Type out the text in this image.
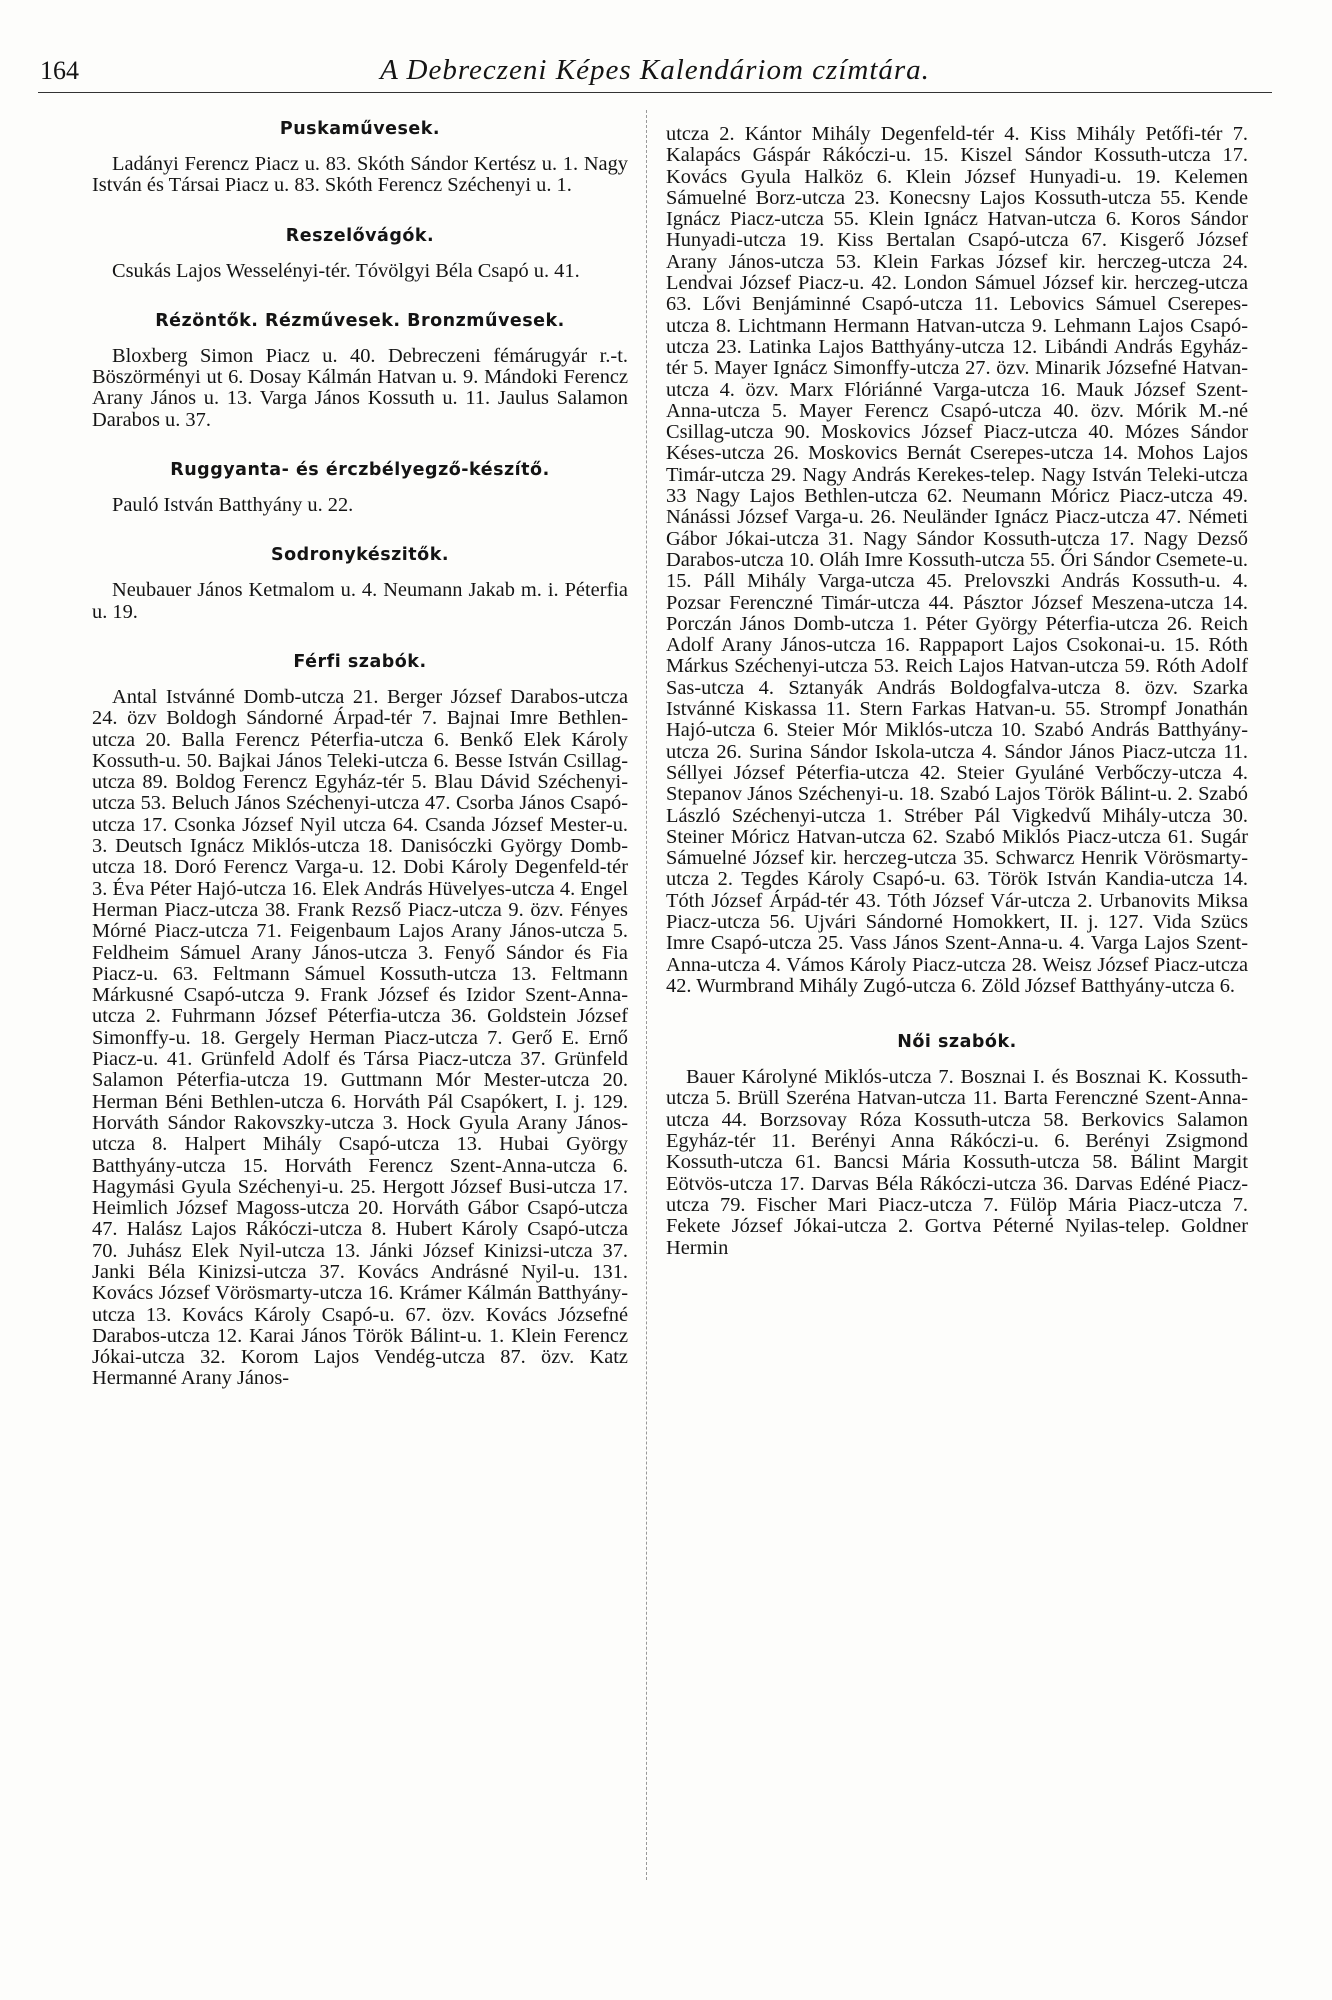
164	A Debreczeni Képes Kalendáriom czímtára.
Puskaművesek.

Ladányi Ferencz Piacz u. 83. Skóth Sándor Kertész u. 1. Nagy István és Társai Piacz u. 83. Skóth Ferencz Széchenyi u. 1.

Reszelővágók.

Csukás Lajos Wesselényi-tér. Tóvölgyi Béla Csapó u. 41.

Rézöntők. Rézművesek. Bronzművesek.

Bloxberg Simon Piacz u. 40. Debreczeni fémárugyár r.-t. Böszörményi ut 6. Dosay Kálmán Hatvan u. 9. Mándoki Ferencz Arany János u. 13. Varga János Kossuth u. 11. Jaulus Salamon Darabos u. 37.

Ruggyanta- és érczbélyegző-készítő.

Pauló István Batthyány u. 22.

Sodronykészitők.

Neubauer János Ketmalom u. 4. Neumann Jakab m. i. Péterfia u. 19.

Férfi szabók.

Antal Istvánné Domb-utcza 21. Berger József Darabos-utcza 24. özv Boldogh Sándorné Árpad-tér 7. Bajnai Imre Bethlen-utcza 20. Balla Ferencz Péterfia-utcza 6. Benkő Elek Károly Kossuth-u. 50. Bajkai János Teleki-utcza 6. Besse István Csillag-utcza 89. Boldog Ferencz Egyház-tér 5. Blau Dávid Széchenyi-utcza 53. Beluch János Széchenyi-utcza 47. Csorba János Csapó-utcza 17. Csonka József Nyil utcza 64. Csanda József Mester-u. 3. Deutsch Ignácz Miklós-utcza 18. Danisóczki György Domb-utcza 18. Doró Ferencz Varga-u. 12. Dobi Károly Degenfeld-tér 3. Éva Péter Hajó-utcza 16. Elek András Hüvelyes-utcza 4. Engel Herman Piacz-utcza 38. Frank Rezső Piacz-utcza 9. özv. Fényes Mórné Piacz-utcza 71. Feigenbaum Lajos Arany János-utcza 5. Feldheim Sámuel Arany János-utcza 3. Fenyő Sándor és Fia Piacz-u. 63. Feltmann Sámuel Kossuth-utcza 13. Feltmann Márkusné Csapó-utcza 9. Frank József és Izidor Szent-Anna-utcza 2. Fuhrmann József Péterfia-utcza 36. Goldstein József Simonffy-u. 18. Gergely Herman Piacz-utcza 7. Gerő E. Ernő Piacz-u. 41. Grünfeld Adolf és Társa Piacz-utcza 37. Grünfeld Salamon Péterfia-utcza 19. Guttmann Mór Mester-utcza 20. Herman Béni Bethlen-utcza 6. Horváth Pál Csapókert, I. j. 129. Horváth Sándor Rakovszky-utcza 3. Hock Gyula Arany János-utcza 8. Halpert Mihály Csapó-utcza 13. Hubai György Batthyány-utcza 15. Horváth Ferencz Szent-Anna-utcza 6. Hagymási Gyula Széchenyi-u. 25. Hergott József Busi-utcza 17. Heimlich József Magoss-utcza 20. Horváth Gábor Csapó-utcza 47. Halász Lajos Rákóczi-utcza 8. Hubert Károly Csapó-utcza 70. Juhász Elek Nyil-utcza 13. Jánki József Kinizsi-utcza 37. Janki Béla Kinizsi-utcza 37. Kovács Andrásné Nyil-u. 131. Kovács József Vörösmarty-utcza 16. Krámer Kálmán Batthyány-utcza 13. Kovács Károly Csapó-u. 67. özv. Kovács Józsefné Darabos-utcza 12. Karai János Török Bálint-u. 1. Klein Ferencz Jókai-utcza 32. Korom Lajos Vendég-utcza 87. özv. Katz Hermanné Arany János-

utcza 2. Kántor Mihály Degenfeld-tér 4. Kiss Mihály Petőfi-tér 7. Kalapács Gáspár Rákóczi-u. 15. Kiszel Sándor Kossuth-utcza 17. Kovács Gyula Halköz 6. Klein József Hunyadi-u. 19. Kelemen Sámuelné Borz-utcza 23. Konecsny Lajos Kossuth-utcza 55. Kende Ignácz Piacz-utcza 55. Klein Ignácz Hatvan-utcza 6. Koros Sándor Hunyadi-utcza 19. Kiss Bertalan Csapó-utcza 67. Kisgerő József Arany János-utcza 53. Klein Farkas József kir. herczeg-utcza 24. Lendvai József Piacz-u. 42. London Sámuel József kir. herczeg-utcza 63. Lővi Benjáminné Csapó-utcza 11. Lebovics Sámuel Cserepes-utcza 8. Lichtmann Hermann Hatvan-utcza 9. Lehmann Lajos Csapó-utcza 23. Latinka Lajos Batthyány-utcza 12. Libándi András Egyház-tér 5. Mayer Ignácz Simonffy-utcza 27. özv. Minarik Józsefné Hatvan-utcza 4. özv. Marx Flóriánné Varga-utcza 16. Mauk József Szent-Anna-utcza 5. Mayer Ferencz Csapó-utcza 40. özv. Mórik M.-né Csillag-utcza 90. Moskovics József Piacz-utcza 40. Mózes Sándor Késes-utcza 26. Moskovics Bernát Cserepes-utcza 14. Mohos Lajos Timár-utcza 29. Nagy András Kerekes-telep. Nagy István Teleki-utcza 33 Nagy Lajos Bethlen-utcza 62. Neumann Móricz Piacz-utcza 49. Nánássi József Varga-u. 26. Neuländer Ignácz Piacz-utcza 47. Németi Gábor Jókai-utcza 31. Nagy Sándor Kossuth-utcza 17. Nagy Dezső Darabos-utcza 10. Oláh Imre Kossuth-utcza 55. Őri Sándor Csemete-u. 15. Páll Mihály Varga-utcza 45. Prelovszki András Kossuth-u. 4. Pozsar Ferenczné Timár-utcza 44. Pásztor József Meszena-utcza 14. Porczán János Domb-utcza 1. Péter György Péterfia-utcza 26. Reich Adolf Arany János-utcza 16. Rappaport Lajos Csokonai-u. 15. Róth Márkus Széchenyi-utcza 53. Reich Lajos Hatvan-utcza 59. Róth Adolf Sas-utcza 4. Sztanyák András Boldogfalva-utcza 8. özv. Szarka Istvánné Kiskassa 11. Stern Farkas Hatvan-u. 55. Strompf Jonathán Hajó-utcza 6. Steier Mór Miklós-utcza 10. Szabó András Batthyány-utcza 26. Surina Sándor Iskola-utcza 4. Sándor János Piacz-utcza 11. Séllyei József Péterfia-utcza 42. Steier Gyuláné Verbőczy-utcza 4. Stepanov János Széchenyi-u. 18. Szabó Lajos Török Bálint-u. 2. Szabó László Széchenyi-utcza 1. Stréber Pál Vigkedvű Mihály-utcza 30. Steiner Móricz Hatvan-utcza 62. Szabó Miklós Piacz-utcza 61. Sugár Sámuelné József kir. herczeg-utcza 35. Schwarcz Henrik Vörösmarty-utcza 2. Tegdes Károly Csapó-u. 63. Török István Kandia-utcza 14. Tóth József Árpád-tér 43. Tóth József Vár-utcza 2. Urbanovits Miksa Piacz-utcza 56. Ujvári Sándorné Homokkert, II. j. 127. Vida Szücs Imre Csapó-utcza 25. Vass János Szent-Anna-u. 4. Varga Lajos Szent-Anna-utcza 4. Vámos Károly Piacz-utcza 28. Weisz József Piacz-utcza 42. Wurmbrand Mihály Zugó-utcza 6. Zöld József Batthyány-utcza 6.

Női szabók.

Bauer Károlyné Miklós-utcza 7. Bosznai I. és Bosznai K. Kossuth-utcza 5. Brüll Szeréna Hatvan-utcza 11. Barta Ferenczné Szent-Anna-utcza 44. Borzsovay Róza Kossuth-utcza 58. Berkovics Salamon Egyház-tér 11. Berényi Anna Rákóczi-u. 6. Berényi Zsigmond Kossuth-utcza 61. Bancsi Mária Kossuth-utcza 58. Bálint Margit Eötvös-utcza 17. Darvas Béla Rákóczi-utcza 36. Darvas Edéné Piacz-utcza 79. Fischer Mari Piacz-utcza 7. Fülöp Mária Piacz-utcza 7. Fekete József Jókai-utcza 2. Gortva Péterné Nyilas-telep. Goldner Hermin
